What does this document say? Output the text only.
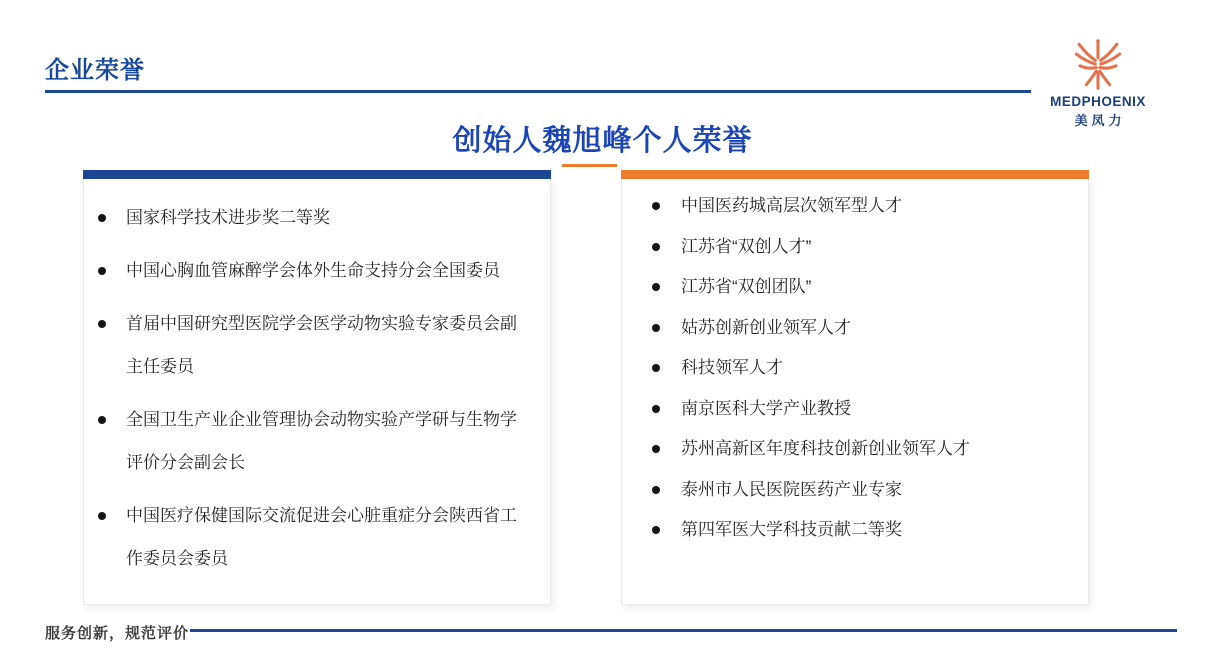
企业荣誉
MEDPHOENIX
美凤力
创始人魏旭峰个人荣誉
国家科学技术进步奖二等奖
中国心胸血管麻醉学会体外生命支持分会全国委员
首届中国研究型医院学会医学动物实验专家委员会副主任委员
全国卫生产业企业管理协会动物实验产学研与生物学评价分会副会长
中国医疗保健国际交流促进会心脏重症分会陕西省工作委员会委员
中国医药城高层次领军型人才
江苏省“双创人才”
江苏省“双创团队”
姑苏创新创业领军人才
科技领军人才
南京医科大学产业教授
苏州高新区年度科技创新创业领军人才
泰州市人民医院医药产业专家
第四军医大学科技贡献二等奖
服务创新，规范评价
